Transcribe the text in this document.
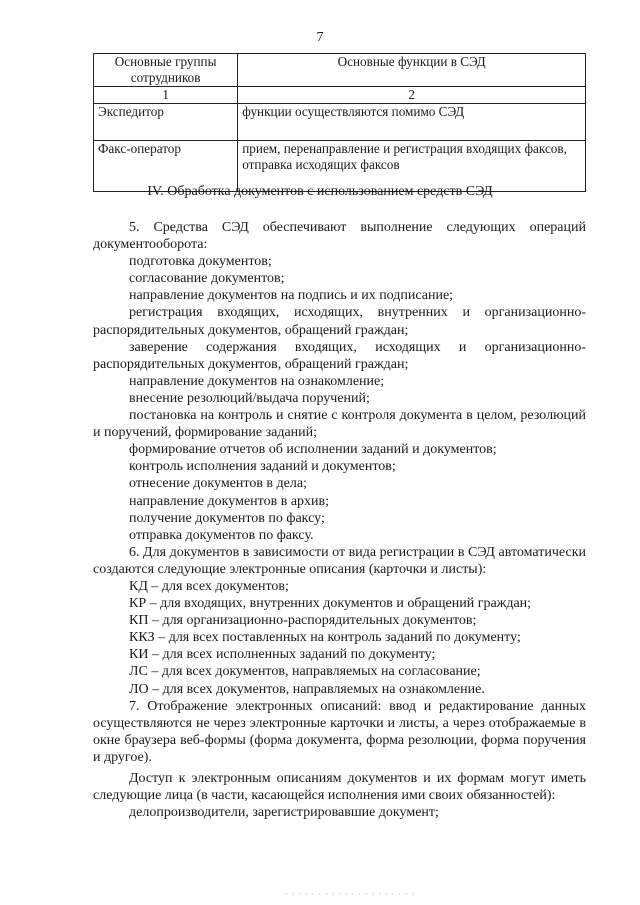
7
Основные группы сотрудников	Основные функции в СЭД
1	2
Экспедитор	функции осуществляются помимо СЭД
Факс-оператор	прием, перенаправление и регистрация входящих факсов, отправка исходящих факсов
IV. Обработка документов с использованием средств СЭД

5. Средства СЭД обеспечивают выполнение следующих операций документооборота:

подготовка документов;

согласование документов;

направление документов на подпись и их подписание;

регистрация входящих, исходящих, внутренних и организационно-распорядительных документов, обращений граждан;

заверение содержания входящих, исходящих и организационно-распорядительных документов, обращений граждан;

направление документов на ознакомление;

внесение резолюций/выдача поручений;

постановка на контроль и снятие с контроля документа в целом, резолюций и поручений, формирование заданий;

формирование отчетов об исполнении заданий и документов;

контроль исполнения заданий и документов;

отнесение документов в дела;

направление документов в архив;

получение документов по факсу;

отправка документов по факсу.

6. Для документов в зависимости от вида регистрации в СЭД автоматически создаются следующие электронные описания (карточки и листы):

КД – для всех документов;

КР – для входящих, внутренних документов и обращений граждан;

КП – для организационно-распорядительных документов;

ККЗ – для всех поставленных на контроль заданий по документу;

КИ – для всех исполненных заданий по документу;

ЛС – для всех документов, направляемых на согласование;

ЛО – для всех документов, направляемых на ознакомление.

7. Отображение электронных описаний: ввод и редактирование данных осуществляются не через электронные карточки и листы, а через отображаемые в окне браузера веб-формы (форма документа, форма резолюции, форма поручения и другое).

Доступ к электронным описаниям документов и их формам могут иметь следующие лица (в части, касающейся исполнения ими своих обязанностей):

делопроизводители, зарегистрировавшие документ;

· · · · · · · · · · · · · · · · · · · ·
